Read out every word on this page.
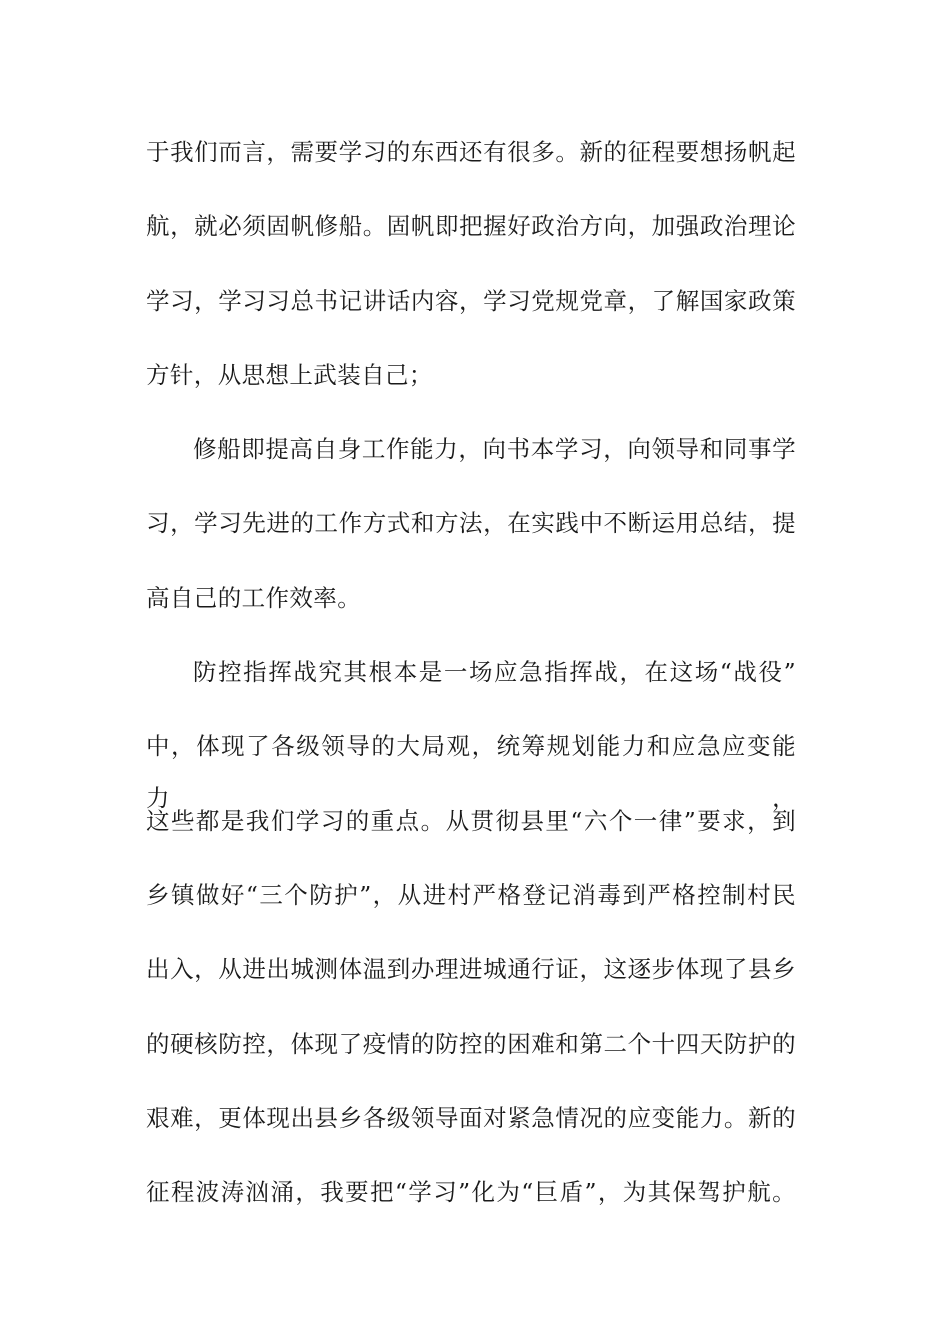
于我们而言，需要学习的东西还有很多。新的征程要想扬帆起
航，就必须固帆修船。固帆即把握好政治方向，加强政治理论
学习，学习习总书记讲话内容，学习党规党章，了解国家政策
方针，从思想上武装自己；
修船即提高自身工作能力，向书本学习，向领导和同事学
习，学习先进的工作方式和方法，在实践中不断运用总结，提
高自己的工作效率。
防控指挥战究其根本是一场应急指挥战，在这场“战役”
中，体现了各级领导的大局观，统筹规划能力和应急应变能力，
这些都是我们学习的重点。从贯彻县里“六个一律”要求，到
乡镇做好“三个防护”，从进村严格登记消毒到严格控制村民
出入，从进出城测体温到办理进城通行证，这逐步体现了县乡
的硬核防控，体现了疫情的防控的困难和第二个十四天防护的
艰难，更体现出县乡各级领导面对紧急情况的应变能力。新的
征程波涛汹涌，我要把“学习”化为“巨盾”，为其保驾护航。
